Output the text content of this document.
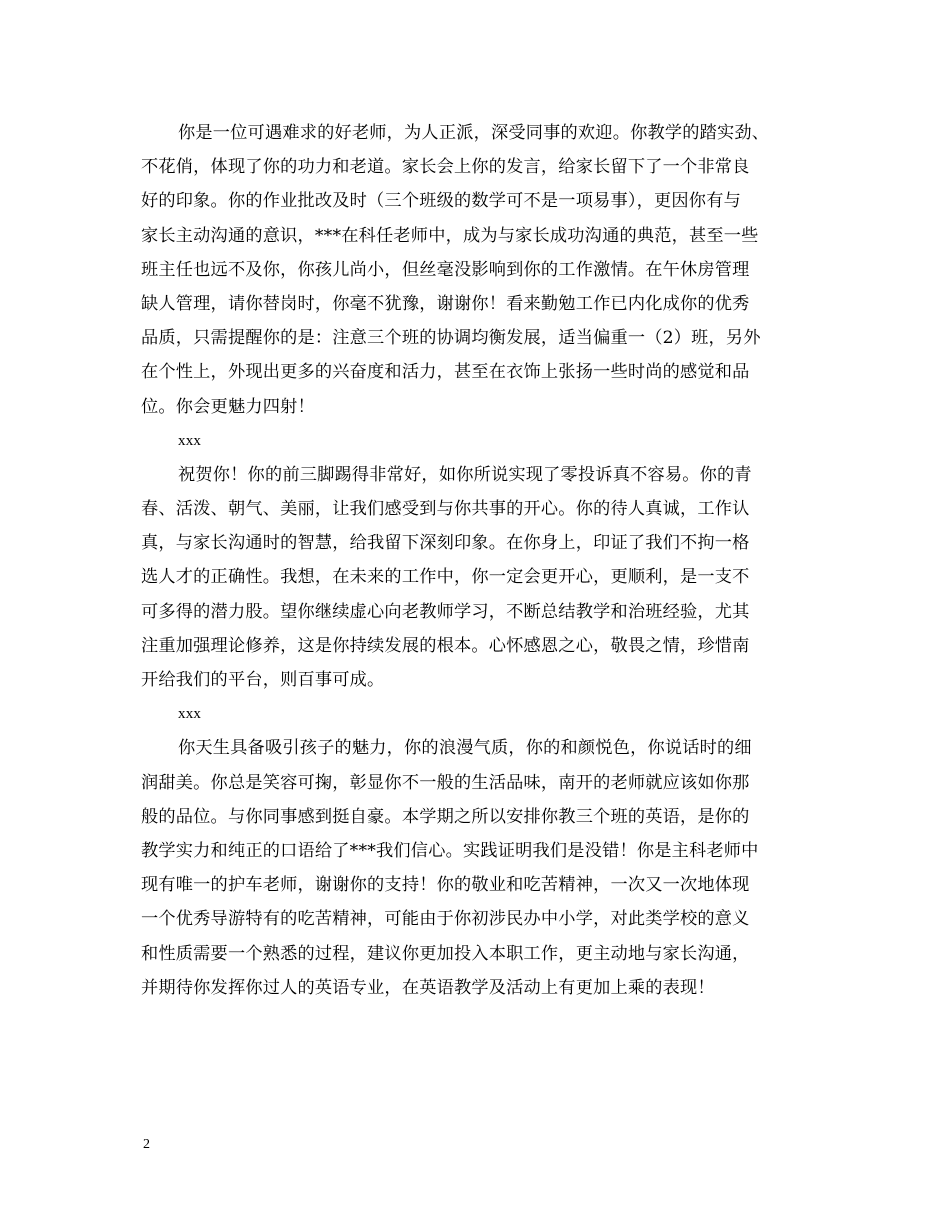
你是一位可遇难求的好老师，为人正派，深受同事的欢迎。你教学的踏实劲、
不花俏，体现了你的功力和老道。家长会上你的发言，给家长留下了一个非常良
好的印象。你的作业批改及时（三个班级的数学可不是一项易事），更因你有与
家长主动沟通的意识，***在科任老师中，成为与家长成功沟通的典范，甚至一些
班主任也远不及你，你孩儿尚小，但丝毫没影响到你的工作激情。在午休房管理
缺人管理，请你替岗时，你毫不犹豫，谢谢你！看来勤勉工作已内化成你的优秀
品质，只需提醒你的是：注意三个班的协调均衡发展，适当偏重一（2）班，另外
在个性上，外现出更多的兴奋度和活力，甚至在衣饰上张扬一些时尚的感觉和品
位。你会更魅力四射！
xxx
祝贺你！你的前三脚踢得非常好，如你所说实现了零投诉真不容易。你的青
春、活泼、朝气、美丽，让我们感受到与你共事的开心。你的待人真诚，工作认
真，与家长沟通时的智慧，给我留下深刻印象。在你身上，印证了我们不拘一格
选人才的正确性。我想，在未来的工作中，你一定会更开心，更顺利，是一支不
可多得的潜力股。望你继续虚心向老教师学习，不断总结教学和治班经验，尤其
注重加强理论修养，这是你持续发展的根本。心怀感恩之心，敬畏之情，珍惜南
开给我们的平台，则百事可成。
xxx
你天生具备吸引孩子的魅力，你的浪漫气质，你的和颜悦色，你说话时的细
润甜美。你总是笑容可掬，彰显你不一般的生活品味，南开的老师就应该如你那
般的品位。与你同事感到挺自豪。本学期之所以安排你教三个班的英语，是你的
教学实力和纯正的口语给了***我们信心。实践证明我们是没错！你是主科老师中
现有唯一的护车老师，谢谢你的支持！你的敬业和吃苦精神，一次又一次地体现
一个优秀导游特有的吃苦精神，可能由于你初涉民办中小学，对此类学校的意义
和性质需要一个熟悉的过程，建议你更加投入本职工作，更主动地与家长沟通，
并期待你发挥你过人的英语专业，在英语教学及活动上有更加上乘的表现！
2
